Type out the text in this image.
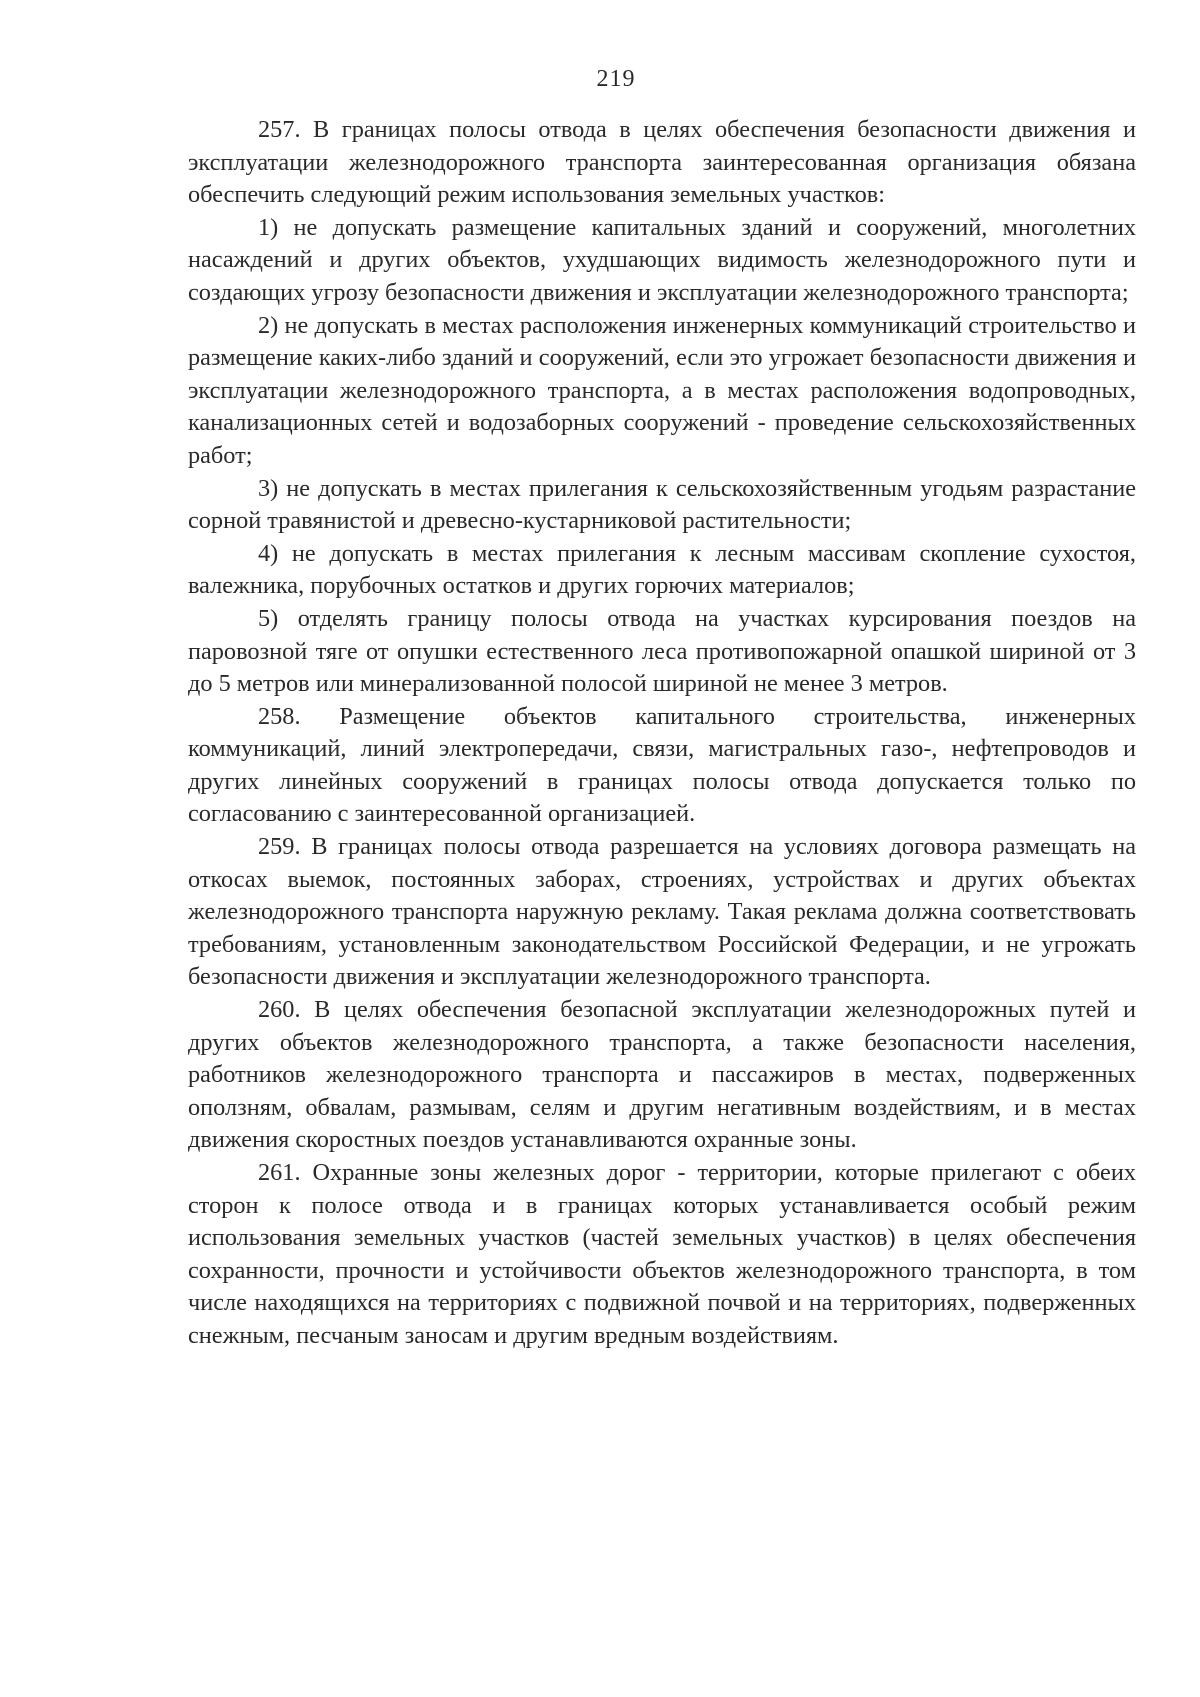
219

257. В границах полосы отвода в целях обеспечения безопасности движения и эксплуатации железнодорожного транспорта заинтересованная организация обязана обеспечить следующий режим использования земельных участков:

1) не допускать размещение капитальных зданий и сооружений, многолетних насаждений и других объектов, ухудшающих видимость железнодорожного пути и создающих угрозу безопасности движения и эксплуатации железнодорожного транспорта;

2) не допускать в местах расположения инженерных коммуникаций строительство и размещение каких-либо зданий и сооружений, если это угрожает безопасности движения и эксплуатации железнодорожного транспорта, а в местах расположения водопроводных, канализационных сетей и водозаборных сооружений - проведение сельскохозяйственных работ;

3) не допускать в местах прилегания к сельскохозяйственным угодьям разрастание сорной травянистой и древесно-кустарниковой растительности;

4) не допускать в местах прилегания к лесным массивам скопление сухостоя, валежника, порубочных остатков и других горючих материалов;

5) отделять границу полосы отвода на участках курсирования поездов на паровозной тяге от опушки естественного леса противопожарной опашкой шириной от 3 до 5 метров или минерализованной полосой шириной не менее 3 метров.

258. Размещение объектов капитального строительства, инженерных коммуникаций, линий электропередачи, связи, магистральных газо-, нефтепроводов и других линейных сооружений в границах полосы отвода допускается только по согласованию с заинтересованной организацией.

259. В границах полосы отвода разрешается на условиях договора размещать на откосах выемок, постоянных заборах, строениях, устройствах и других объектах железнодорожного транспорта наружную рекламу. Такая реклама должна соответствовать требованиям, установленным законодательством Российской Федерации, и не угрожать безопасности движения и эксплуатации железнодорожного транспорта.

260. В целях обеспечения безопасной эксплуатации железнодорожных путей и других объектов железнодорожного транспорта, а также безопасности населения, работников железнодорожного транспорта и пассажиров в местах, подверженных оползням, обвалам, размывам, селям и другим негативным воздействиям, и в местах движения скоростных поездов устанавливаются охранные зоны.

261. Охранные зоны железных дорог - территории, которые прилегают с обеих сторон к полосе отвода и в границах которых устанавливается особый режим использования земельных участков (частей земельных участков) в целях обеспечения сохранности, прочности и устойчивости объектов железнодорожного транспорта, в том числе находящихся на территориях с подвижной почвой и на территориях, подверженных снежным, песчаным заносам и другим вредным воздействиям.
